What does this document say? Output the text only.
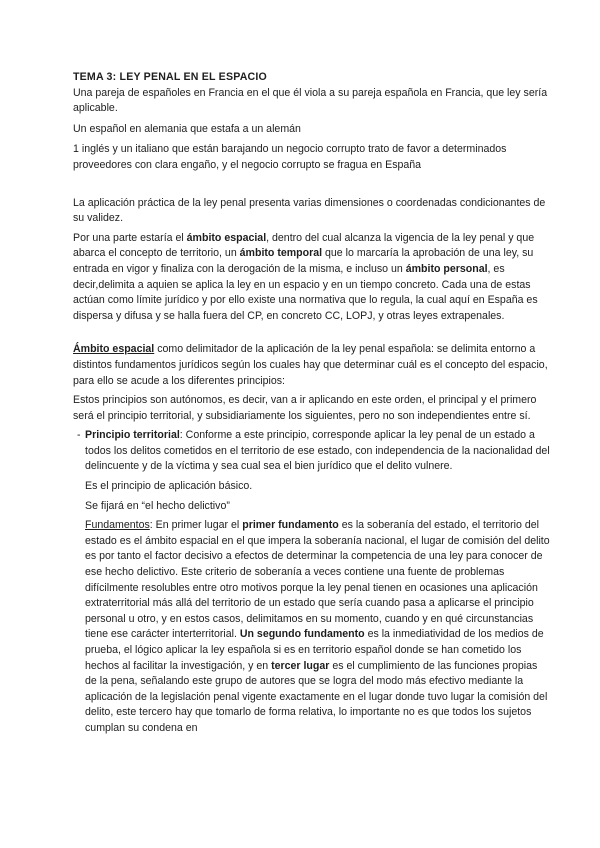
TEMA 3: LEY PENAL EN EL ESPACIO

Una pareja de españoles en Francia en el que él viola a su pareja española en Francia, que ley sería aplicable.

Un español en alemania que estafa a un alemán

1 inglés y un italiano que están barajando un negocio corrupto trato de favor a determinados proveedores con clara engaño, y el negocio corrupto se fragua en España

La aplicación práctica de la ley penal presenta varias dimensiones o coordenadas condicionantes de su validez.

Por una parte estaría el ámbito espacial, dentro del cual alcanza la vigencia de la ley penal y que abarca el concepto de territorio, un ámbito temporal que lo marcaría la aprobación de una ley, su entrada en vigor y finaliza con la derogación de la misma, e incluso un ámbito personal, es decir,delimita a aquien se aplica la ley en un espacio y en un tiempo concreto. Cada una de estas actúan como límite jurídico y por ello existe una normativa que lo regula, la cual aquí en España es dispersa y difusa y se halla fuera del CP, en concreto CC, LOPJ, y otras leyes extrapenales.

Ámbito espacial como delimitador de la aplicación de la ley penal española: se delimita entorno a distintos fundamentos jurídicos según los cuales hay que determinar cuál es el concepto del espacio, para ello se acude a los diferentes principios:

Estos principios son autónomos, es decir, van a ir aplicando en este orden, el principal y el primero será el principio territorial, y subsidiariamente los siguientes, pero no son independientes entre sí.

- Principio territorial: Conforme a este principio, corresponde aplicar la ley penal de un estado a todos los delitos cometidos en el territorio de ese estado, con independencia de la nacionalidad del delincuente y de la víctima y sea cual sea el bien jurídico que el delito vulnere.

Es el principio de aplicación básico.

Se fijará en “el hecho delictivo”

Fundamentos: En primer lugar el primer fundamento es la soberanía del estado, el territorio del estado es el ámbito espacial en el que impera la soberanía nacional, el lugar de comisión del delito es por tanto el factor decisivo a efectos de determinar la competencia de una ley para conocer de ese hecho delictivo. Este criterio de soberanía a veces contiene una fuente de problemas difícilmente resolubles entre otro motivos porque la ley penal tienen en ocasiones una aplicación extraterritorial más allá del territorio de un estado que sería cuando pasa a aplicarse el principio personal u otro, y en estos casos, delimitamos en su momento, cuando y en qué circunstancias tiene ese carácter interterritorial. Un segundo fundamento es la inmediatividad de los medios de prueba, el lógico aplicar la ley española si es en territorio español donde se han cometido los hechos al facilitar la investigación, y en tercer lugar es el cumplimiento de las funciones propias de la pena, señalando este grupo de autores que se logra del modo más efectivo mediante la aplicación de la legislación penal vigente exactamente en el lugar donde tuvo lugar la comisión del delito, este tercero hay que tomarlo de forma relativa, lo importante no es que todos los sujetos cumplan su condena en
